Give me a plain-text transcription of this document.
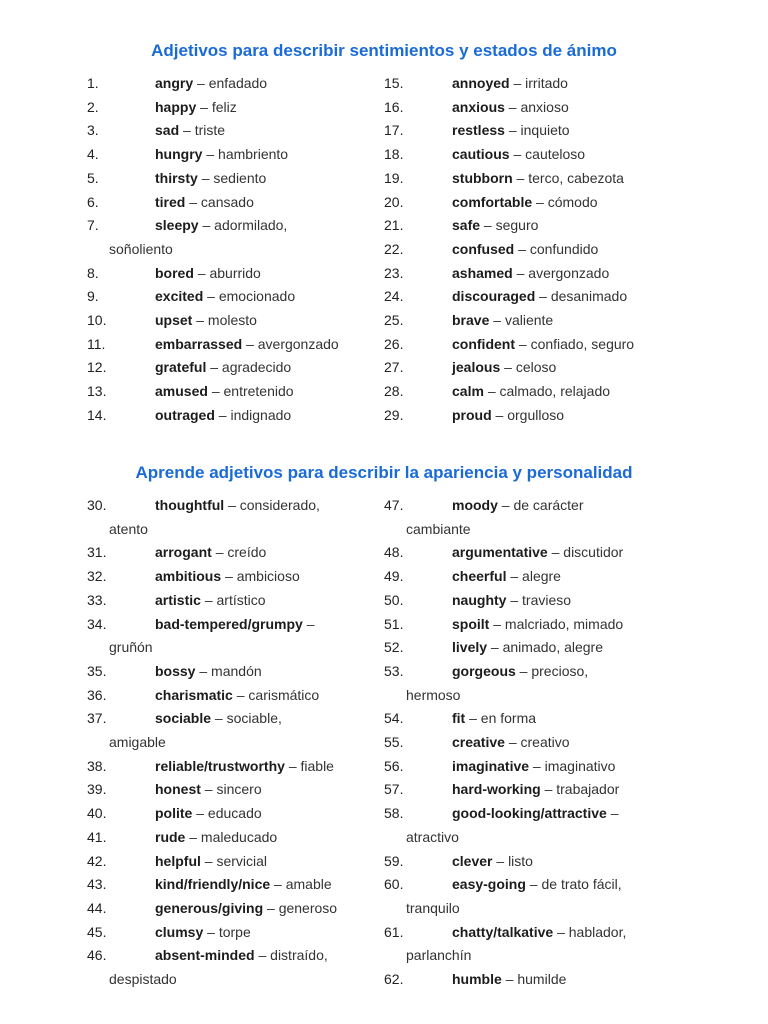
Adjetivos para describir sentimientos y estados de ánimo
1.	angry – enfadado
2.	happy – feliz
3.	sad – triste
4.	hungry – hambriento
5.	thirsty – sediento
6.	tired – cansado
7.	sleepy – adormilado,
soñoliento
8.	bored – aburrido
9.	excited – emocionado
10.	upset – molesto
11.	embarrassed – avergonzado
12.	grateful – agradecido
13.	amused – entretenido
14.	outraged – indignado
15.	annoyed – irritado
16.	anxious – anxioso
17.	restless – inquieto
18.	cautious – cauteloso
19.	stubborn – terco, cabezota
20.	comfortable – cómodo
21.	safe – seguro
22.	confused – confundido
23.	ashamed – avergonzado
24.	discouraged – desanimado
25.	brave – valiente
26.	confident – confiado, seguro
27.	jealous – celoso
28.	calm – calmado, relajado
29.	proud – orgulloso
Aprende adjetivos para describir la apariencia y personalidad
30.	thoughtful – considerado,
atento
31.	arrogant – creído
32.	ambitious – ambicioso
33.	artistic – artístico
34.	bad-tempered/grumpy –
gruñón
35.	bossy – mandón
36.	charismatic – carismático
37.	sociable – sociable,
amigable
38.	reliable/trustworthy – fiable
39.	honest – sincero
40.	polite – educado
41.	rude – maleducado
42.	helpful – servicial
43.	kind/friendly/nice – amable
44.	generous/giving – generoso
45.	clumsy – torpe
46.	absent-minded – distraído,
despistado
47.	moody – de carácter
cambiante
48.	argumentative – discutidor
49.	cheerful – alegre
50.	naughty – travieso
51.	spoilt – malcriado, mimado
52.	lively – animado, alegre
53.	gorgeous – precioso,
hermoso
54.	fit – en forma
55.	creative – creativo
56.	imaginative – imaginativo
57.	hard-working – trabajador
58.	good-looking/attractive –
atractivo
59.	clever – listo
60.	easy-going – de trato fácil,
tranquilo
61.	chatty/talkative – hablador,
parlanchín
62.	humble – humilde
